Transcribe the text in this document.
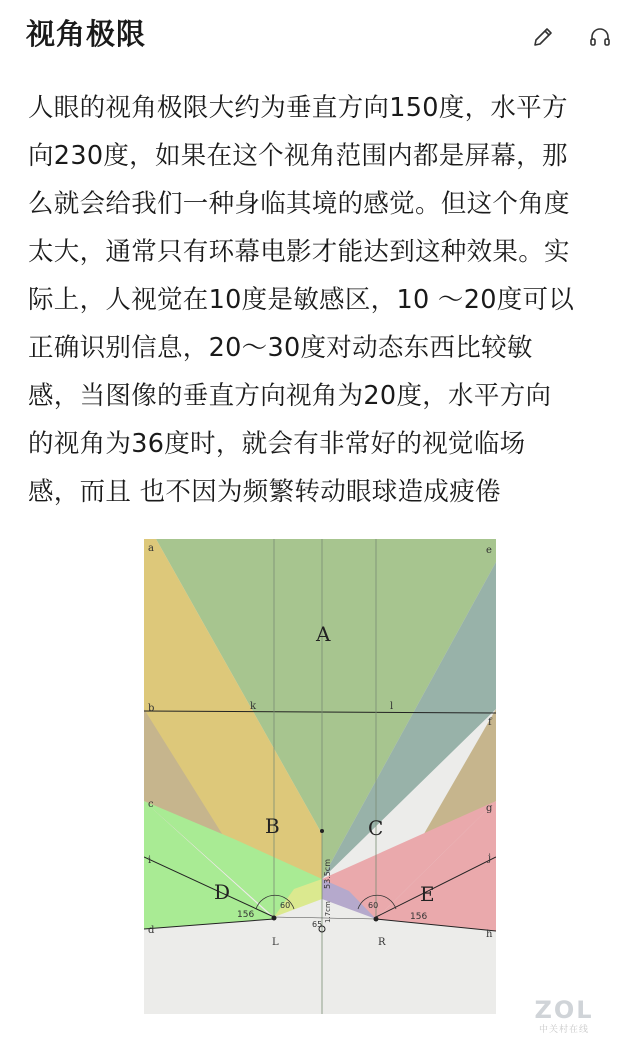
视角极限
人眼的视角极限大约为垂直方向150度，水平方
向230度，如果在这个视角范围内都是屏幕，那
么就会给我们一种身临其境的感觉。但这个角度
太大，通常只有环幕电影才能达到这种效果。实
际上，人视觉在10度是敏感区，10 ～20度可以
正确识别信息，20～30度对动态东西比较敏
感，当图像的垂直方向视角为20度，水平方向
的视角为36度时，就会有非常好的视觉临场
感，而且 也不因为频繁转动眼球造成疲倦
A
B	C
D	E
a
b
c
d
e
f
g
h
i	j
k	l
L	R
156	156
60	60
53.5cm
1.7cm
65
ZOL
中关村在线
